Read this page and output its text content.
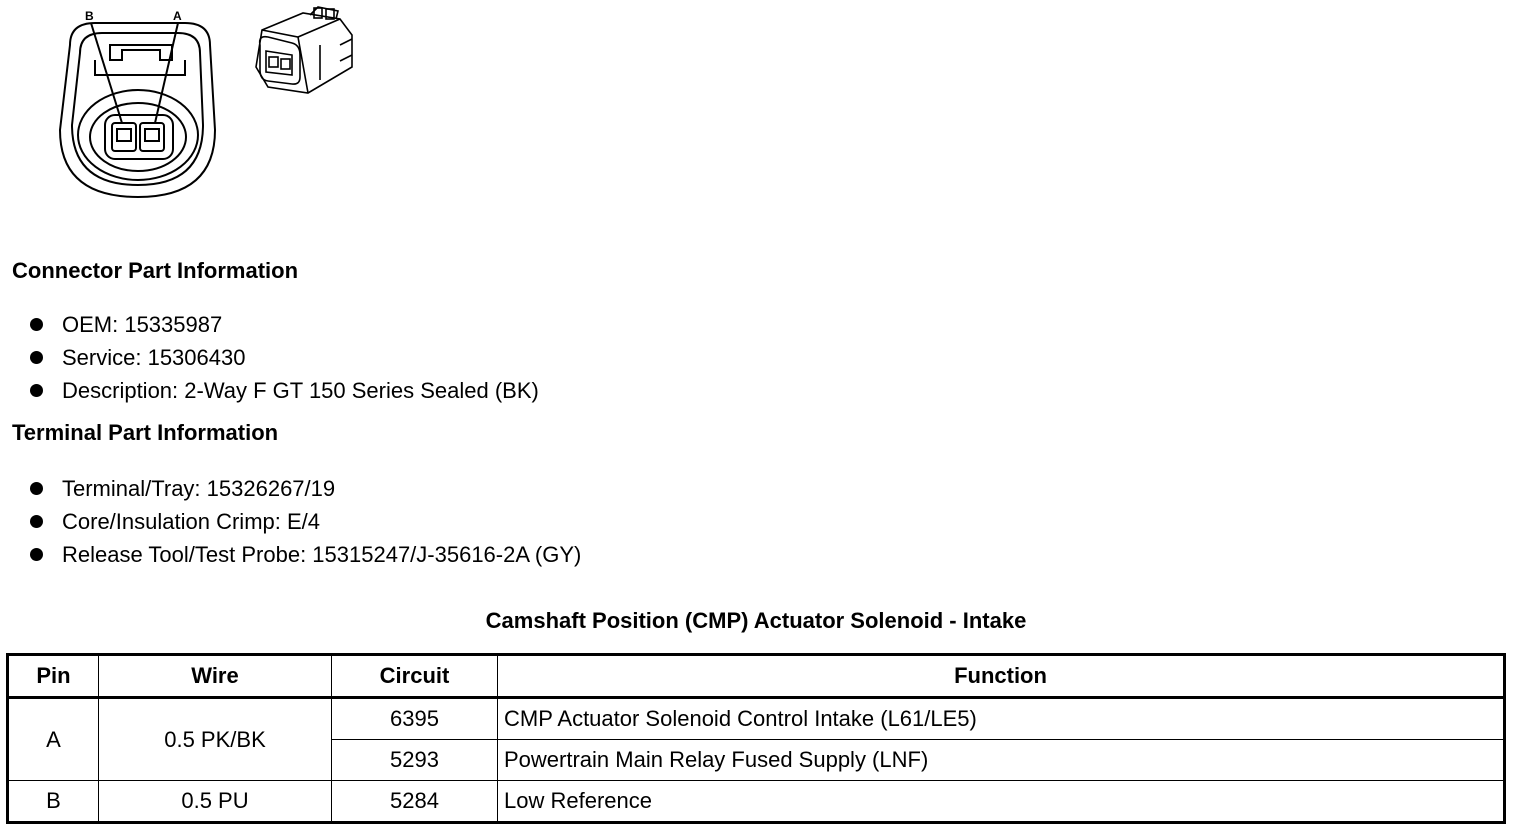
B	A
Connector Part Information
OEM: 15335987
Service: 15306430
Description: 2-Way F GT 150 Series Sealed (BK)
Terminal Part Information
Terminal/Tray: 15326267/19
Core/Insulation Crimp: E/4
Release Tool/Test Probe: 15315247/J-35616-2A (GY)
Camshaft Position (CMP) Actuator Solenoid - Intake
Pin	Wire	Circuit	Function
A	0.5 PK/BK	6395	CMP Actuator Solenoid Control Intake (L61/LE5)
		5293	Powertrain Main Relay Fused Supply (LNF)
B	0.5 PU	5284	Low Reference
